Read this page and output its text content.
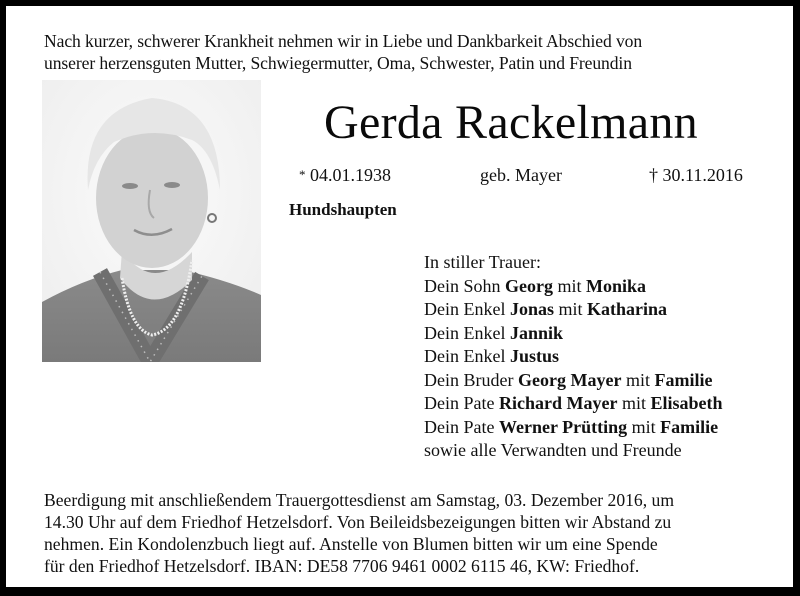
Nach kurzer, schwerer Krankheit nehmen wir in Liebe und Dankbarkeit Abschied von
unserer herzensguten Mutter, Schwiegermutter, Oma, Schwester, Patin und Freundin
Gerda Rackelmann
* 04.01.1938	geb. Mayer	† 30.11.2016
Hundshaupten
In stiller Trauer:
Dein Sohn Georg mit Monika
Dein Enkel Jonas mit Katharina
Dein Enkel Jannik
Dein Enkel Justus
Dein Bruder Georg Mayer mit Familie
Dein Pate Richard Mayer mit Elisabeth
Dein Pate Werner Prütting mit Familie
sowie alle Verwandten und Freunde

Beerdigung mit anschließendem Trauergottesdienst am Samstag, 03. Dezember 2016, um

14.30 Uhr auf dem Friedhof Hetzelsdorf. Von Beileidsbezeigungen bitten wir Abstand zu

nehmen. Ein Kondolenzbuch liegt auf. Anstelle von Blumen bitten wir um eine Spende

für den Friedhof Hetzelsdorf. IBAN: DE58 7706 9461 0002 6115 46, KW: Friedhof.
